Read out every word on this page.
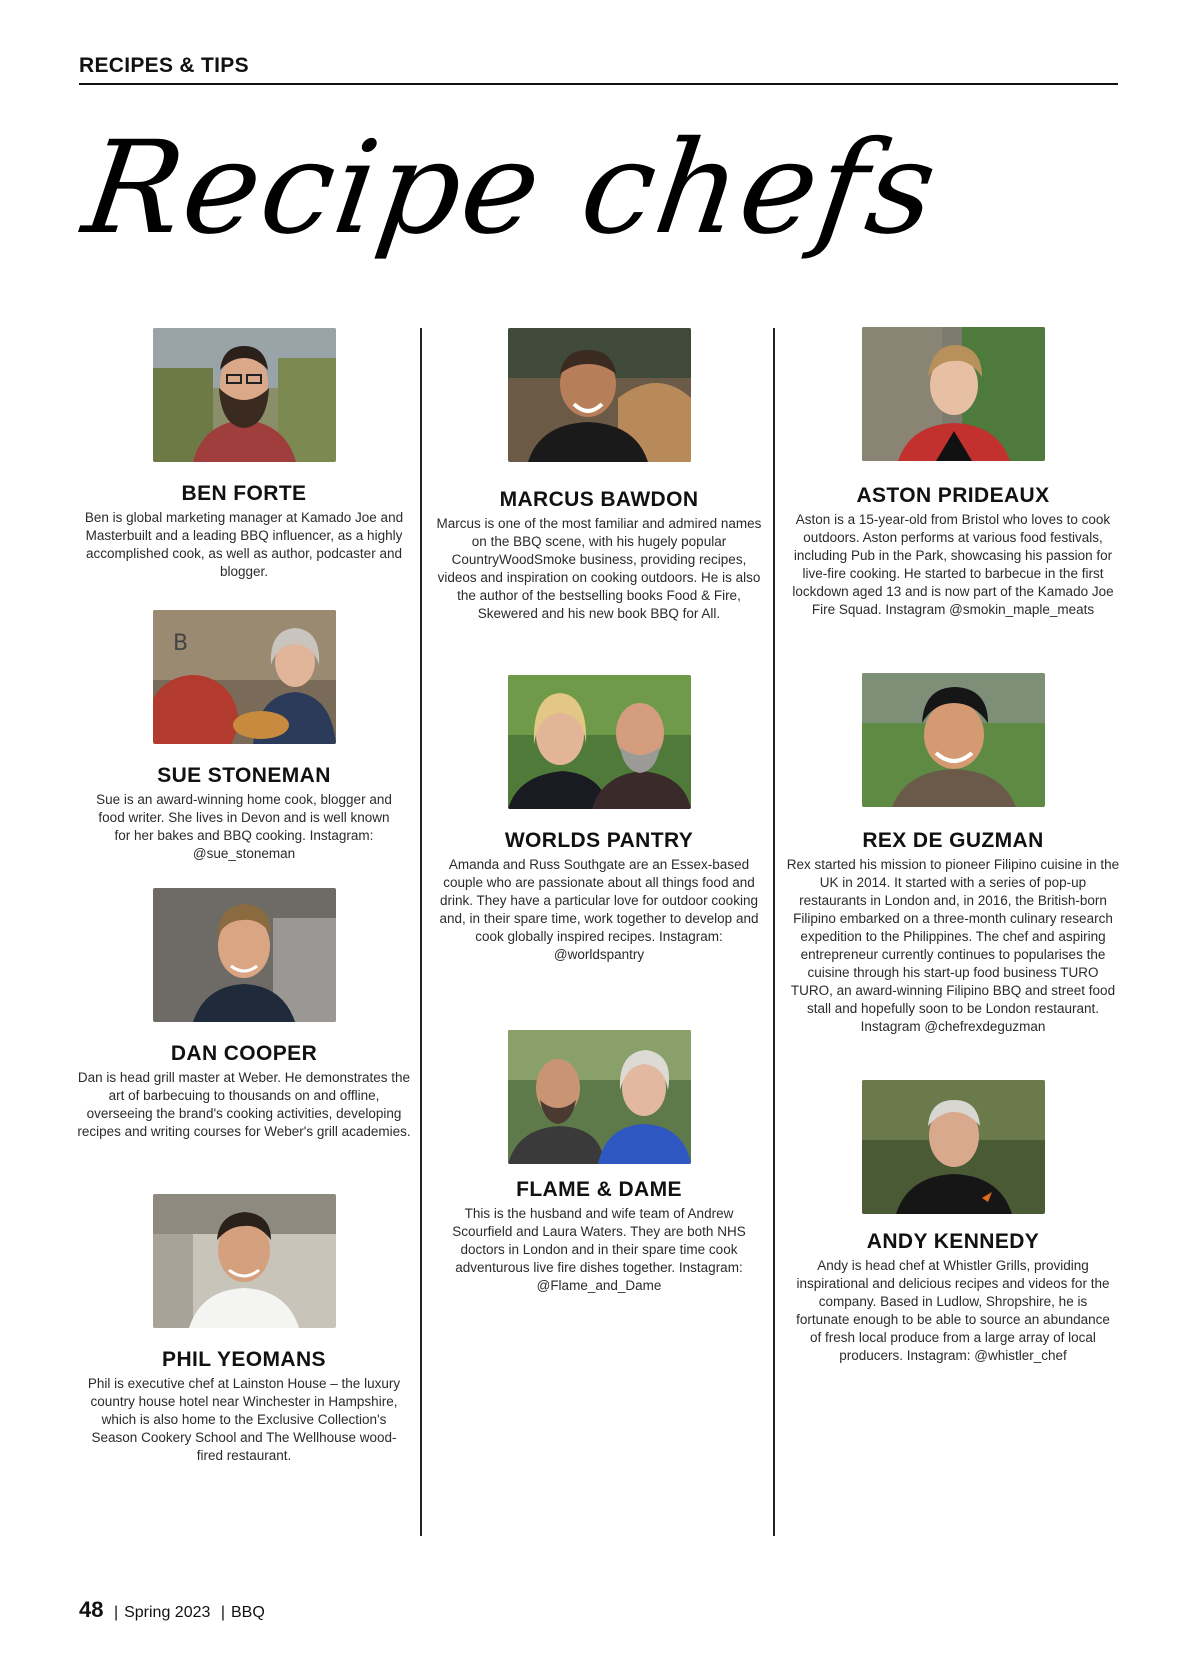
RECIPES & TIPS
Recipe chefs
BEN FORTE
Ben is global marketing manager at Kamado Joe and Masterbuilt and a leading BBQ influencer, as a highly accomplished cook, as well as author, podcaster and blogger.
B
SUE STONEMAN
Sue is an award-winning home cook, blogger and food writer. She lives in Devon and is well known for her bakes and BBQ cooking. Instagram: @sue_stoneman
DAN COOPER
Dan is head grill master at Weber. He demonstrates the art of barbecuing to thousands on and offline, overseeing the brand's cooking activities, developing recipes and writing courses for Weber's grill academies.
PHIL YEOMANS
Phil is executive chef at Lainston House – the luxury country house hotel near Winchester in Hampshire, which is also home to the Exclusive Collection's Season Cookery School and The Wellhouse wood-fired restaurant.
MARCUS BAWDON
Marcus is one of the most familiar and admired names on the BBQ scene, with his hugely popular CountryWoodSmoke business, providing recipes, videos and inspiration on cooking outdoors. He is also the author of the bestselling books Food & Fire, Skewered and his new book BBQ for All.
WORLDS PANTRY
Amanda and Russ Southgate are an Essex-based couple who are passionate about all things food and drink. They have a particular love for outdoor cooking and, in their spare time, work together to develop and cook globally inspired recipes. Instagram: @worldspantry
FLAME & DAME
This is the husband and wife team of Andrew Scourfield and Laura Waters. They are both NHS doctors in London and in their spare time cook adventurous live fire dishes together. Instagram: @Flame_and_Dame
ASTON PRIDEAUX
Aston is a 15-year-old from Bristol who loves to cook outdoors. Aston performs at various food festivals, including Pub in the Park, showcasing his passion for live-fire cooking. He started to barbecue in the first lockdown aged 13 and is now part of the Kamado Joe Fire Squad. Instagram @smokin_maple_meats
REX DE GUZMAN
Rex started his mission to pioneer Filipino cuisine in the UK in 2014. It started with a series of pop-up restaurants in London and, in 2016, the British-born Filipino embarked on a three-month culinary research expedition to the Philippines. The chef and aspiring entrepreneur currently continues to popularises the cuisine through his start-up food business TURO TURO, an award-winning Filipino BBQ and street food stall and hopefully soon to be London restaurant. Instagram @chefrexdeguzman
ANDY KENNEDY
Andy is head chef at Whistler Grills, providing inspirational and delicious recipes and videos for the company. Based in Ludlow, Shropshire, he is fortunate enough to be able to source an abundance of fresh local produce from a large array of local producers. Instagram: @whistler_chef
48 | Spring 2023 | BBQ
